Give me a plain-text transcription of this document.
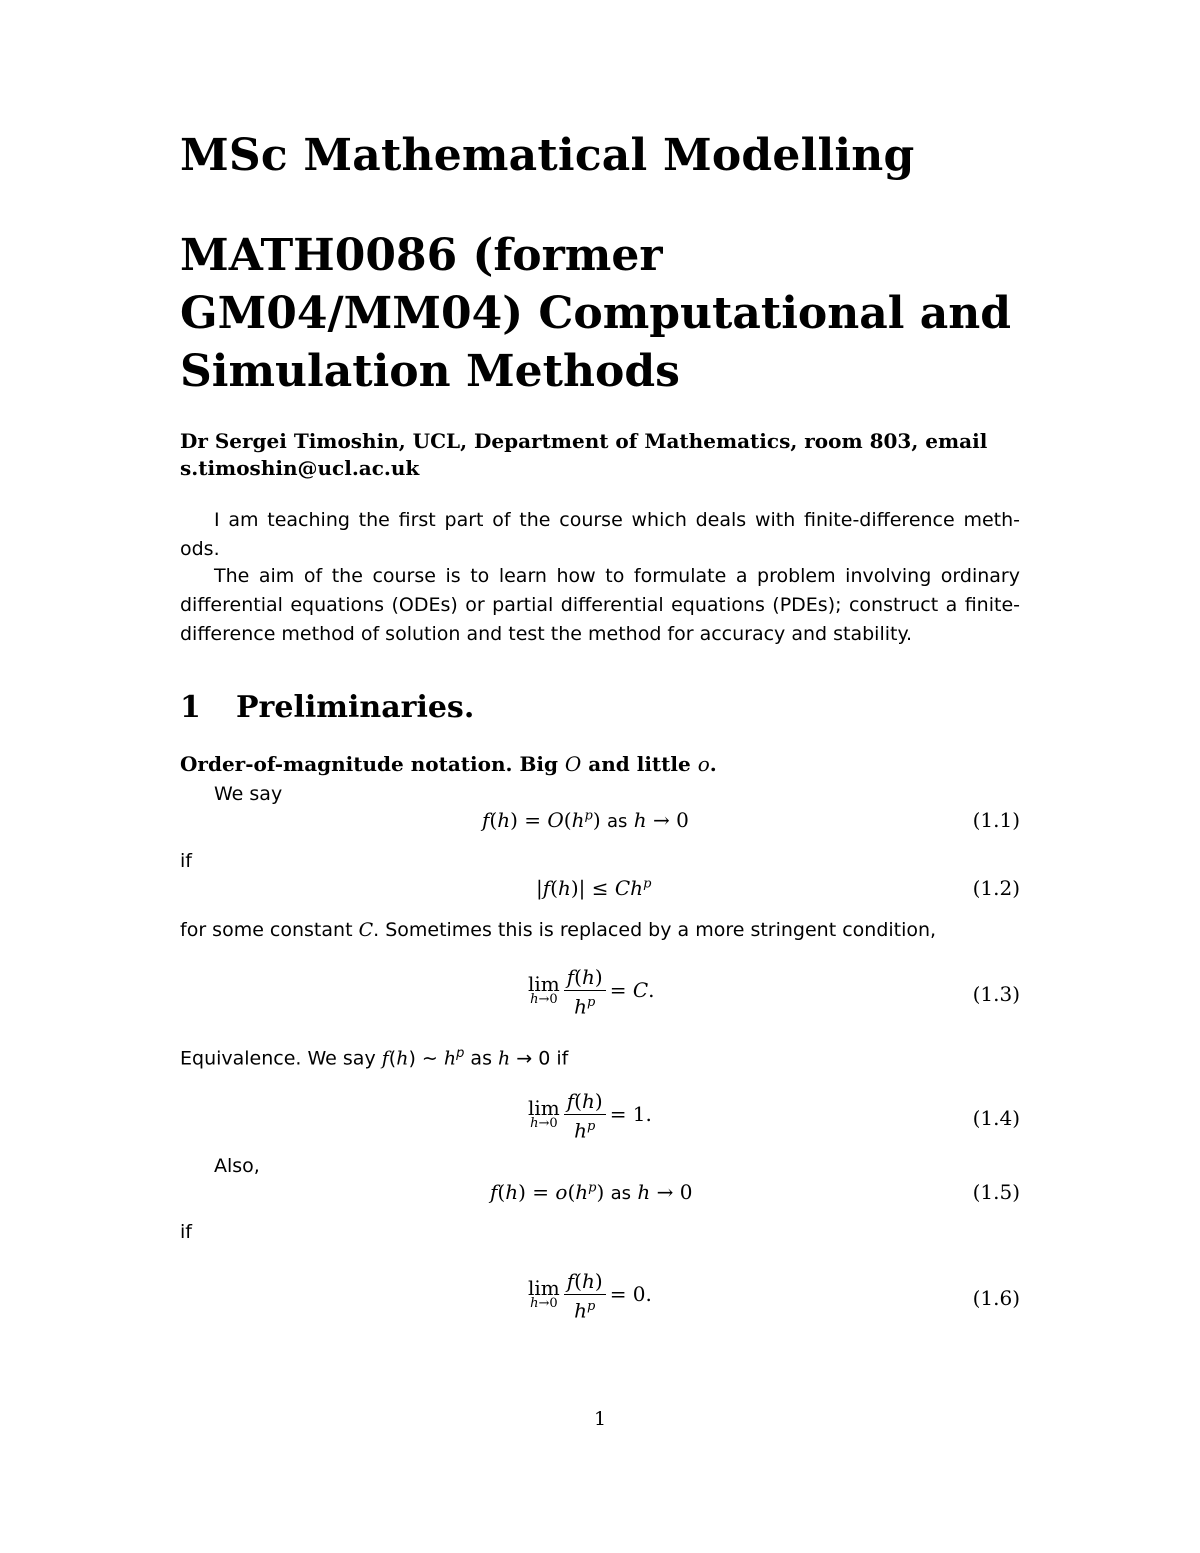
MSc Mathematical Modelling
MATH0086 (former
GM04/MM04) Computational and
Simulation Methods
Dr Sergei Timoshin, UCL, Department of Mathematics, room 803, email
s.timoshin@ucl.ac.uk
I am teaching the first part of the course which deals with finite-difference meth-ods.
The aim of the course is to learn how to formulate a problem involving ordinary differential equations (ODEs) or partial differential equations (PDEs); construct a finite-difference method of solution and test the method for accuracy and stability.
1 Preliminaries.
Order-of-magnitude notation. Big O and little o.
We say
$f(h) = O(h^p)$ as h → 0	(1.1)
if
$|f(h)| \le Ch^p$	(1.2)
for some constant C. Sometimes this is replaced by a more stringent condition,
lim
$h\to 0 \frac{f(h)}{h^p} = C$.	(1.3)
Equivalence. We say f(h) ∼ $h^p$ as h → 0 if
lim
$h\to 0 \frac{f(h)}{h^p} = 1$.	(1.4)
Also,
$f(h) = o(h^p)$ as h → 0	(1.5)
if
lim
$h\to 0 \frac{f(h)}{h^p} = 0$.	(1.6)
1
